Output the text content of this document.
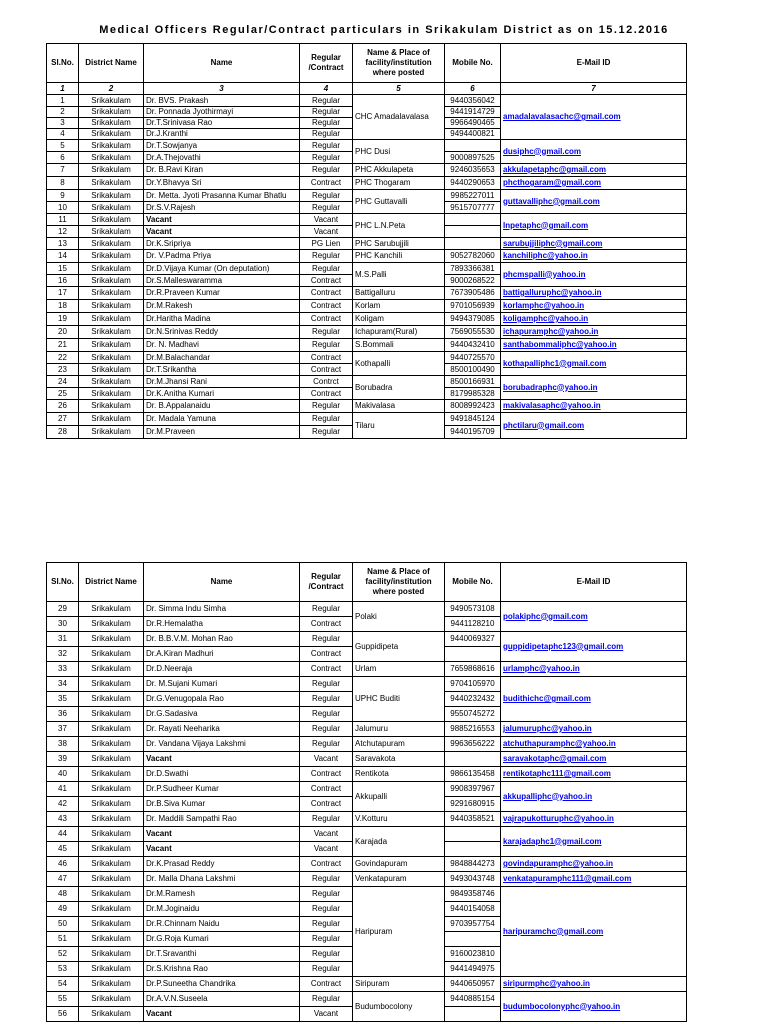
Medical Officers Regular/Contract particulars in Srikakulam District as on 15.12.2016
Sl.No.	District Name	Name	Regular /Contract	Name & Place of facility/institution where posted	Mobile No.	E-Mail ID
1	2	3	4	5	6	7
1	Srikakulam	Dr. BVS. Prakash	Regular	CHC Amadalavalasa	9440356042	amadalavalasachc@gmail.com
2	Srikakulam	Dr. Ponnada Jyothirmayi	Regular		9441914729	
3	Srikakulam	Dr.T.Srinivasa Rao	Regular		9966490465	
4	Srikakulam	Dr.J.Kranthi	Regular		9494400821	
5	Srikakulam	Dr.T.Sowjanya	Regular	PHC Dusi		dusiphc@gmail.com
6	Srikakulam	Dr.A.Thejovathi	Regular		9000897525	
7	Srikakulam	Dr. B.Ravi Kiran	Regular	PHC Akkulapeta	9246035653	akkulapetaphc@gmail.com
8	Srikakulam	Dr.Y.Bhavya Sri	Contract	PHC Thogaram	9440290653	phcthogaram@gmail.com
9	Srikakulam	Dr. Metta. Jyoti Prasanna Kumar Bhatlu	Regular	PHC Guttavalli	9985227011	guttavalliphc@gmail.com
10	Srikakulam	Dr.S.V.Rajesh	Regular		9515707777	
11	Srikakulam	Vacant	Vacant	PHC L.N.Peta		lnpetaphc@gmail.com
12	Srikakulam	Vacant	Vacant			
13	Srikakulam	Dr.K.Sripriya	PG Lien	PHC Sarubujjili		sarubujjiliphc@gmail.com
14	Srikakulam	Dr. V.Padma Priya	Regular	PHC Kanchili	9052782060	kanchiliphc@yahoo.in
15	Srikakulam	Dr.D.Vijaya Kumar (On deputation)	Regular	M.S.Palli	7893366381	phcmspalli@yahoo.in
16	Srikakulam	Dr.S.Malleswaramma	Contract		9000268522	
17	Srikakulam	Dr.R.Praveen Kumar	Contract	Battigalluru	7673905486	battigalluruphc@yahoo.in
18	Srikakulam	Dr.M.Rakesh	Contract	Korlam	9701056939	korlamphc@yahoo.in
19	Srikakulam	Dr.Haritha Madina	Contract	Koligam	9494379085	koligamphc@yahoo.in
20	Srikakulam	Dr.N.Srinivas Reddy	Regular	Ichapuram(Rural)	7569055530	ichapuramphc@yahoo.in
21	Srikakulam	Dr. N. Madhavi	Regular	S.Bommali	9440432410	santhabommaliphc@yahoo.in
22	Srikakulam	Dr.M.Balachandar	Contract	Kothapalli	9440725570	kothapalliphc1@gmail.com
23	Srikakulam	Dr.T.Srikantha	Contract		8500100490	
24	Srikakulam	Dr.M.Jhansi Rani	Contrct	Borubadra	8500166931	borubadraphc@yahoo.in
25	Srikakulam	Dr.K.Anitha Kumari	Contract		8179985328	
26	Srikakulam	Dr. B.Appalanaidu	Regular	Makivalasa	8008992423	makivalasaphc@yahoo.in
27	Srikakulam	Dr. Madala Yamuna	Regular	Tilaru	9491845124	phctilaru@gmail.com
28	Srikakulam	Dr.M.Praveen	Regular		9440195709	
Sl.No.	District Name	Name	Regular /Contract	Name & Place of facility/institution where posted	Mobile No.	E-Mail ID
29	Srikakulam	Dr. Simma Indu Simha	Regular	Polaki	9490573108	polakiphc@gmail.com
30	Srikakulam	Dr.R.Hemalatha	Contract		9441128210	
31	Srikakulam	Dr. B.B.V.M. Mohan Rao	Regular	Guppidipeta	9440069327	guppidipetaphc123@gmail.com
32	Srikakulam	Dr.A.Kiran Madhuri	Contract			
33	Srikakulam	Dr.D.Neeraja	Contract	Urlam	7659868616	urlamphc@yahoo.in
34	Srikakulam	Dr. M.Sujani Kumari	Regular	UPHC Buditi	9704105970	budithichc@gmail.com
35	Srikakulam	Dr.G.Venugopala Rao	Regular		9440232432	
36	Srikakulam	Dr.G.Sadasiva	Regular		9550745272	
37	Srikakulam	Dr. Rayati Neeharika	Regular	Jalumuru	9885216553	jalumuruphc@yahoo.in
38	Srikakulam	Dr. Vandana Vijaya Lakshmi	Regular	Atchutapuram	9963656222	atchuthapuramphc@yahoo.in
39	Srikakulam	Vacant	Vacant	Saravakota		saravakotaphc@gmail.com
40	Srikakulam	Dr.D.Swathi	Contract	Rentikota	9866135458	rentikotaphc111@gmail.com
41	Srikakulam	Dr.P.Sudheer Kumar	Contract	Akkupalli	9908397967	akkupalliphc@yahoo.in
42	Srikakulam	Dr.B.Siva Kumar	Contract		9291680915	
43	Srikakulam	Dr. Maddili Sampathi Rao	Regular	V.Kotturu	9440358521	vajrapukotturuphc@yahoo.in
44	Srikakulam	Vacant	Vacant	Karajada		karajadaphc1@gmail.com
45	Srikakulam	Vacant	Vacant			
46	Srikakulam	Dr.K.Prasad Reddy	Contract	Govindapuram	9848844273	govindapuramphc@yahoo.in
47	Srikakulam	Dr. Malla Dhana Lakshmi	Regular	Venkatapuram	9493043748	venkatapuramphc111@gmail.com
48	Srikakulam	Dr.M.Ramesh	Regular	Haripuram	9849358746	haripuramchc@gmail.com
49	Srikakulam	Dr.M.Joginaidu	Regular		9440154058	
50	Srikakulam	Dr.R.Chinnam Naidu	Regular		9703957754	
51	Srikakulam	Dr.G.Roja Kumari	Regular			
52	Srikakulam	Dr.T.Sravanthi	Regular		9160023810	
53	Srikakulam	Dr.S.Krishna Rao	Regular		9441494975	
54	Srikakulam	Dr.P.Suneetha Chandrika	Contract	Siripuram	9440650957	siripurmphc@yahoo.in
55	Srikakulam	Dr.A.V.N.Suseela	Regular	Budumbocolony	9440885154	budumbocolonyphc@yahoo.in
56	Srikakulam	Vacant	Vacant			
